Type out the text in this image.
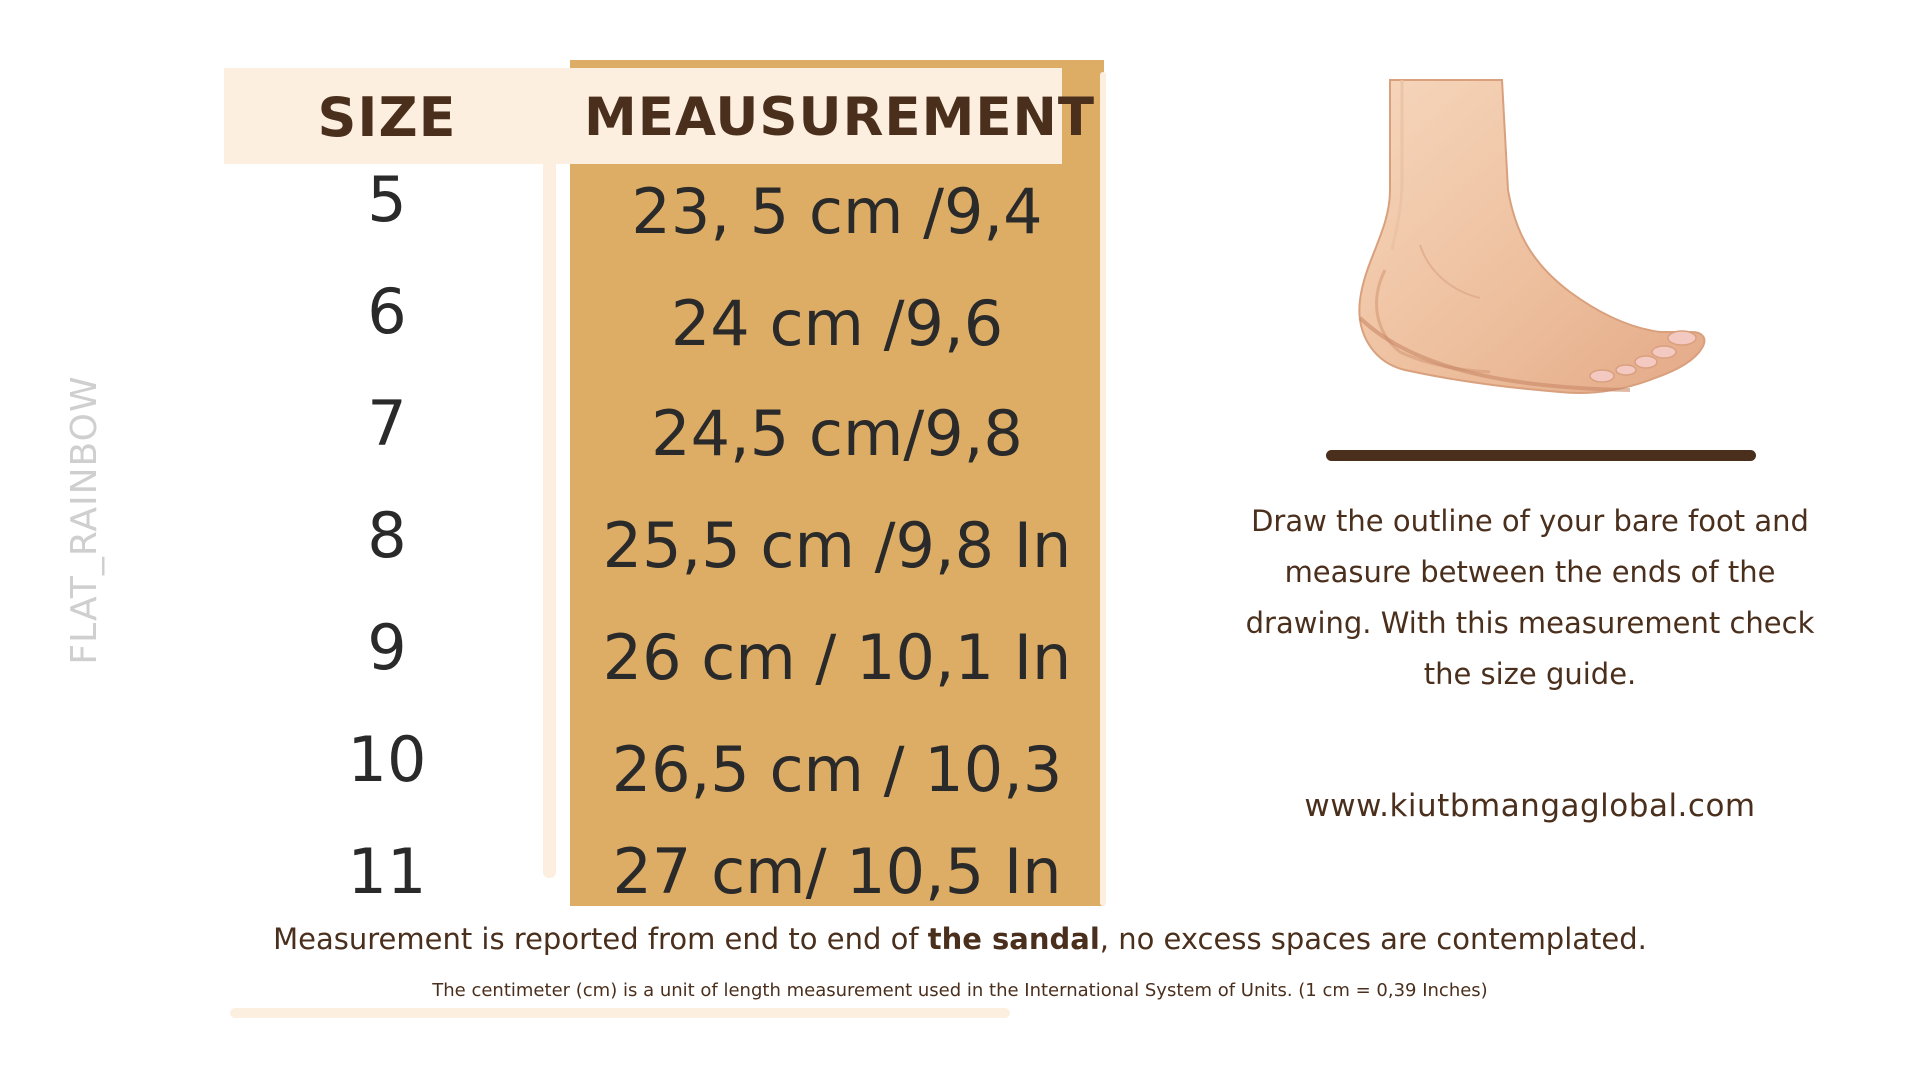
SIZE	MEAUSUREMENT
5	23, 5 cm /9,4
6	24 cm /9,6
7	24,5 cm/9,8
8	25,5 cm /9,8 In
9	26 cm / 10,1 In
10	26,5 cm / 10,3
11	27 cm/ 10,5 In
FLAT_RAINBOW	Draw the outline of your bare foot and
measure between the ends of the
drawing. With this measurement check
the size guide.
www.kiutbmangaglobal.com
Measurement is reported from end to end of the sandal, no excess spaces are contemplated.
The centimeter (cm) is a unit of length measurement used in the International System of Units. (1 cm = 0,39 Inches)
